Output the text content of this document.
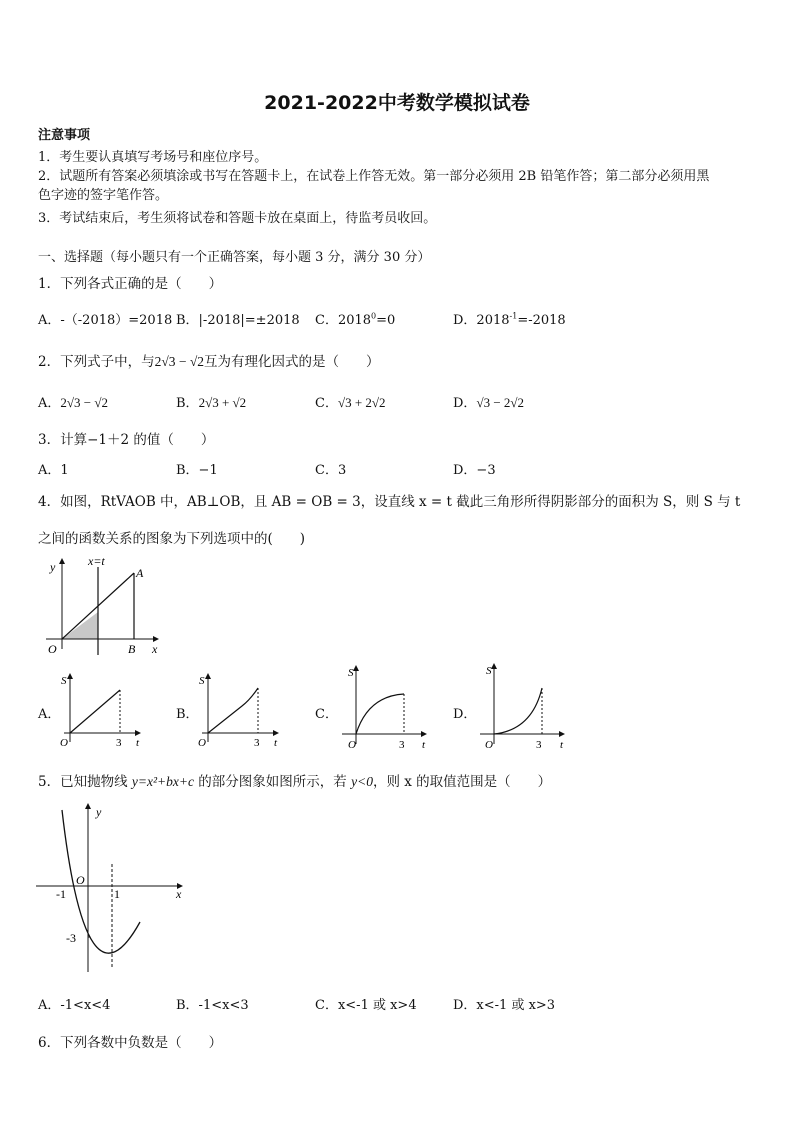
2021-2022中考数学模拟试卷
注意事项
1．考生要认真填写考场号和座位序号。
2．试题所有答案必须填涂或书写在答题卡上，在试卷上作答无效。第一部分必须用 2B 铅笔作答；第二部分必须用黑
色字迹的签字笔作答。
3．考试结束后，考生须将试卷和答题卡放在桌面上，待监考员收回。
一、选择题（每小题只有一个正确答案，每小题 3 分，满分 30 分）
1．下列各式正确的是（　　）
A．-（-2018）=2018 B．|-2018|=±2018 C．$2018^0=0$	D．$2018^{-1}=-2018$
2．下列式子中，与2√3 − √2互为有理化因式的是（　　）
A．2√3 − √2	B．2√3 + √2	C．√3 + 2√2	D．√3 − 2√2
3．计算−1＋2 的值（　　）
A．1	B．−1	C．3	D．−3
4．如图，RtVAOB 中，AB⊥OB，且 AB = OB = 3，设直线 x = t 截此三角形所得阴影部分的面积为 S，则 S 与 t
之间的函数关系的图象为下列选项中的(　　)
y
x
O
A
B
x=t
A．	B．	C．	D．
S
t
O	3
S
t
O	3
S
t
O	3
S
t
O	3
5．已知抛物线 y=x²+bx+c 的部分图象如图所示，若 y<0，则 x 的取值范围是（　　）
y
x
O
-1	1
-3
A．-1<x<4	B．-1<x<3	C．x<-1 或 x>4	D．x<-1 或 x>3
6．下列各数中负数是（　　）
